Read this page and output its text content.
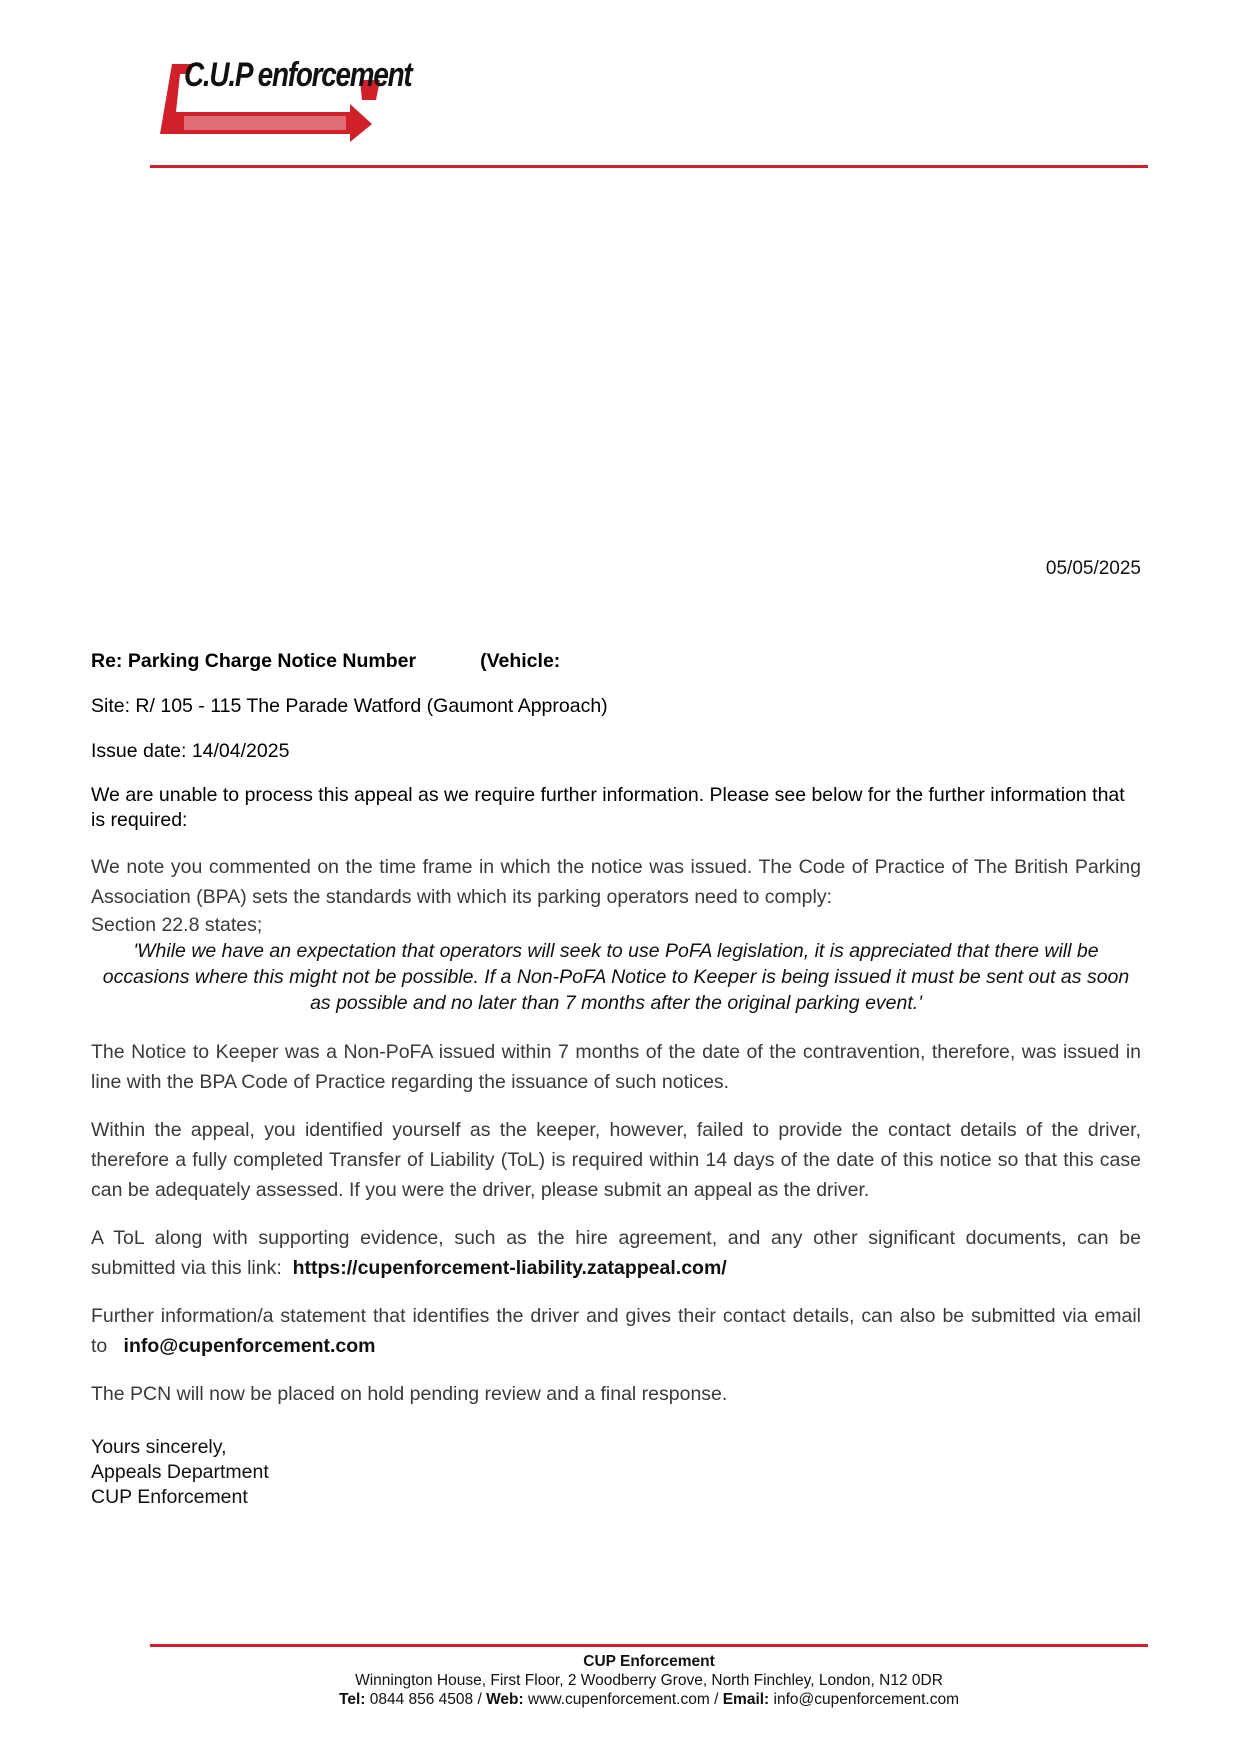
C.U.P enforcement
05/05/2025
Re: Parking Charge Notice Number	(Vehicle:
Site: R/ 105 - 115 The Parade Watford (Gaumont Approach)
Issue date: 14/04/2025
We are unable to process this appeal as we require further information. Please see below for the further information that is required:
We note you commented on the time frame in which the notice was issued. The Code of Practice of The British Parking Association (BPA) sets the standards with which its parking operators need to comply:
Section 22.8 states;
'While we have an expectation that operators will seek to use PoFA legislation, it is appreciated that there will be occasions where this might not be possible. If a Non-PoFA Notice to Keeper is being issued it must be sent out as soon as possible and no later than 7 months after the original parking event.'
The Notice to Keeper was a Non-PoFA issued within 7 months of the date of the contravention, therefore, was issued in line with the BPA Code of Practice regarding the issuance of such notices.
Within the appeal, you identified yourself as the keeper, however, failed to provide the contact details of the driver, therefore a fully completed Transfer of Liability (ToL) is required within 14 days of the date of this notice so that this case can be adequately assessed. If you were the driver, please submit an appeal as the driver.
A ToL along with supporting evidence, such as the hire agreement, and any other significant documents, can be submitted via this link: https://cupenforcement-liability.zatappeal.com/
Further information/a statement that identifies the driver and gives their contact details, can also be submitted via email to info@cupenforcement.com
The PCN will now be placed on hold pending review and a final response.
Yours sincerely,
Appeals Department
CUP Enforcement
CUP Enforcement
Winnington House, First Floor, 2 Woodberry Grove, North Finchley, London, N12 0DR
Tel: 0844 856 4508 / Web: www.cupenforcement.com / Email: info@cupenforcement.com
